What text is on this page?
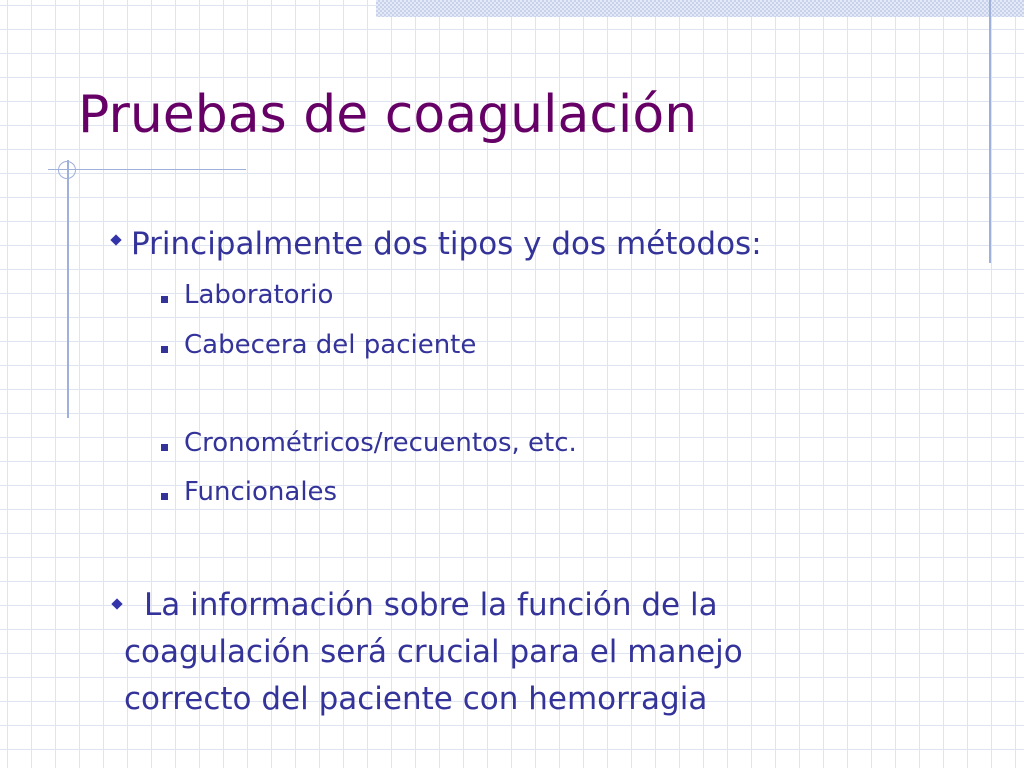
Pruebas de coagulación
Principalmente dos tipos y dos métodos:
Laboratorio
Cabecera del paciente
Cronométricos/recuentos, etc.
Funcionales
La información sobre la función de la
coagulación será crucial para el manejo
correcto del paciente con hemorragia
